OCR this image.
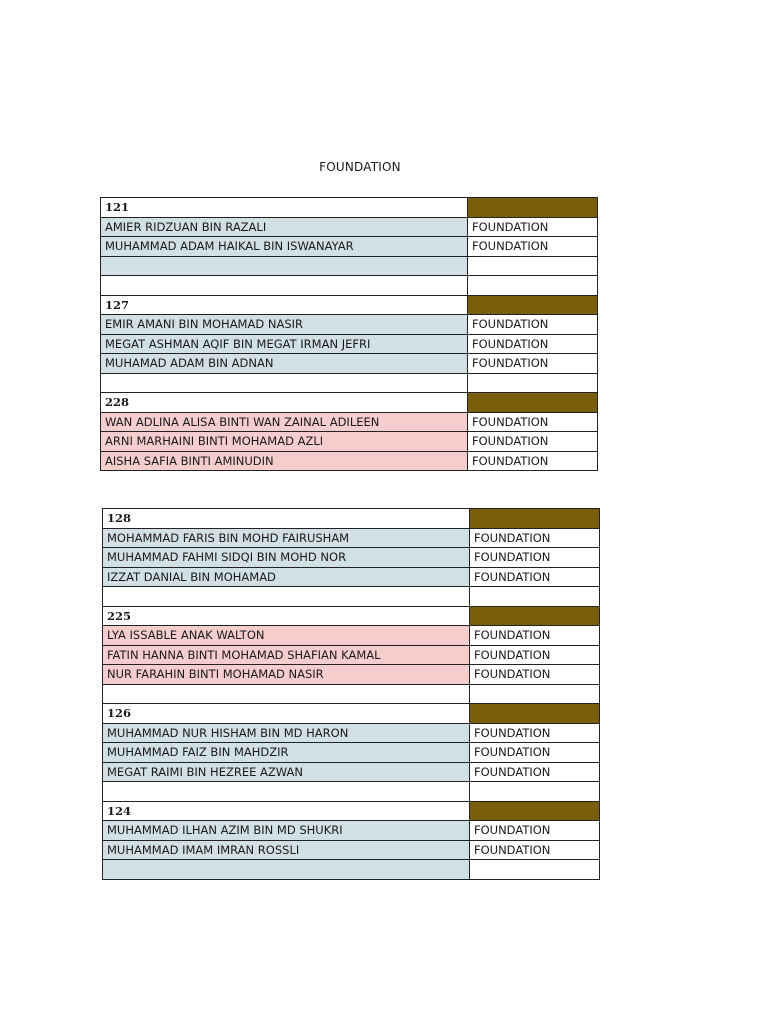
FOUNDATION
121	
AMIER RIDZUAN BIN RAZALI	FOUNDATION
MUHAMMAD ADAM HAIKAL BIN ISWANAYAR	FOUNDATION

127	
EMIR AMANI BIN MOHAMAD NASIR	FOUNDATION
MEGAT ASHMAN AQIF BIN MEGAT IRMAN JEFRI	FOUNDATION
MUHAMAD ADAM BIN ADNAN	FOUNDATION

228	
WAN ADLINA ALISA BINTI WAN ZAINAL ADILEEN	FOUNDATION
ARNI MARHAINI BINTI MOHAMAD AZLI	FOUNDATION
AISHA SAFIA BINTI AMINUDIN	FOUNDATION
128	
MOHAMMAD FARIS BIN MOHD FAIRUSHAM	FOUNDATION
MUHAMMAD FAHMI SIDQI BIN MOHD NOR	FOUNDATION
IZZAT DANIAL BIN MOHAMAD	FOUNDATION

225	
LYA ISSABLE ANAK WALTON	FOUNDATION
FATIN HANNA BINTI MOHAMAD SHAFIAN KAMAL	FOUNDATION
NUR FARAHIN BINTI MOHAMAD NASIR	FOUNDATION

126	
MUHAMMAD NUR HISHAM BIN MD HARON	FOUNDATION
MUHAMMAD FAIZ BIN MAHDZIR	FOUNDATION
MEGAT RAIMI BIN HEZREE AZWAN	FOUNDATION

124	
MUHAMMAD ILHAN AZIM BIN MD SHUKRI	FOUNDATION
MUHAMMAD IMAM IMRAN ROSSLI	FOUNDATION
